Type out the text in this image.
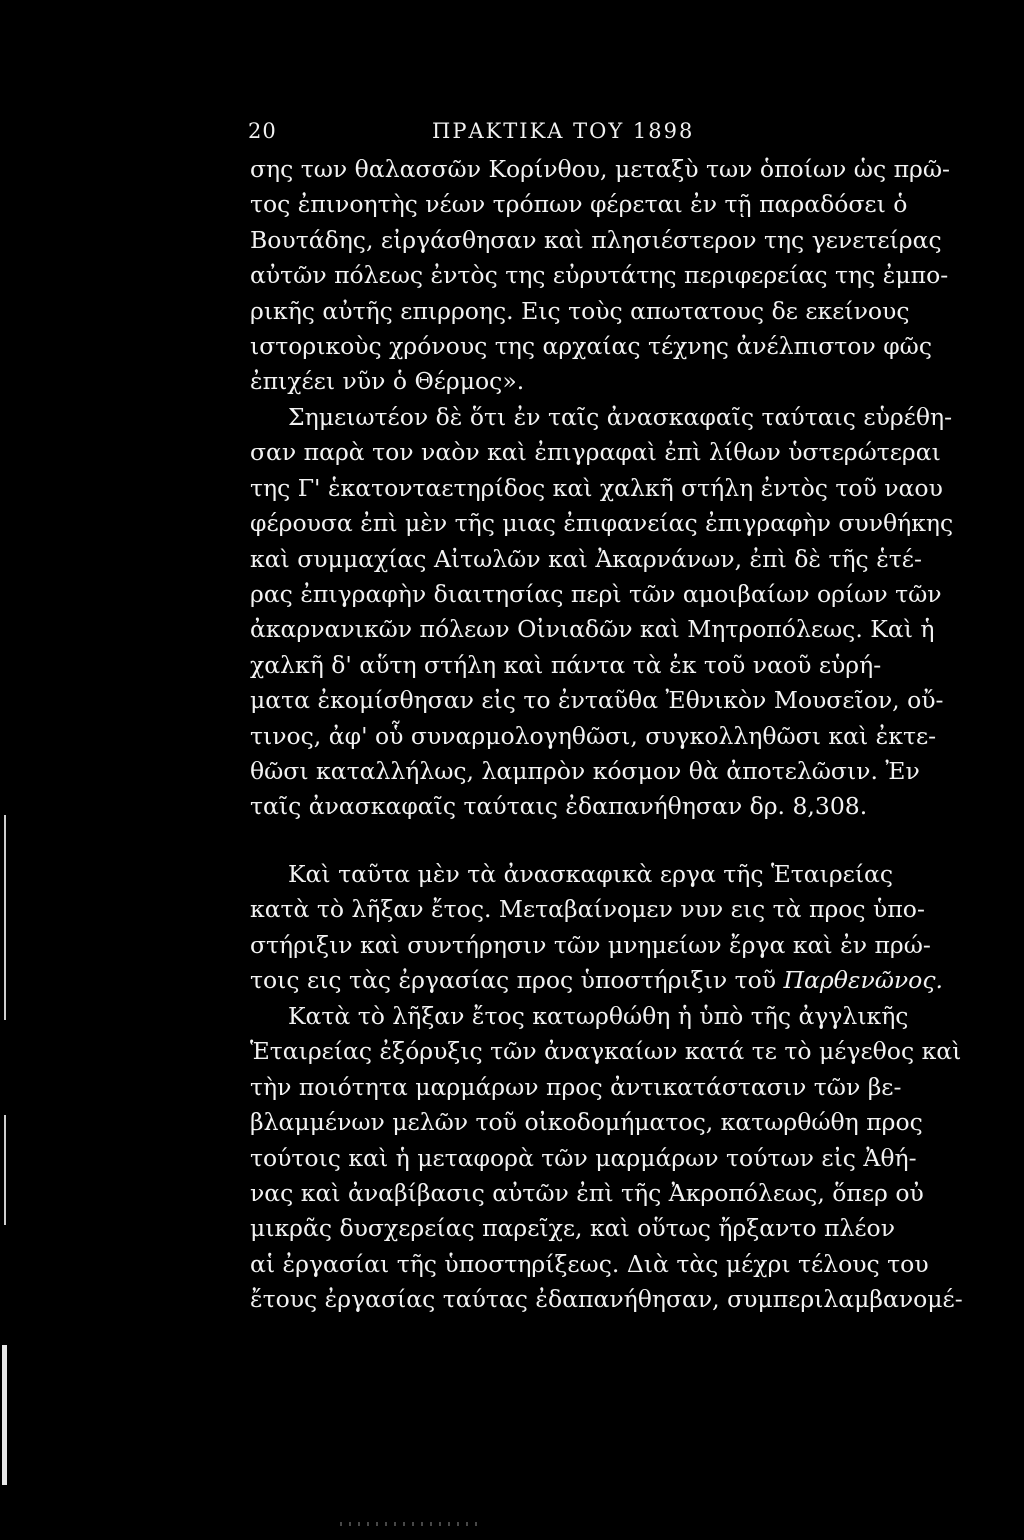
20	ΠΡΑΚΤΙΚΑ ΤΟΥ 1898
σης των θαλασσῶν Κορίνθου, μεταξὺ των ὁποίων ὡς πρῶ-
τος ἐπινοητὴς νέων τρόπων φέρεται ἐν τῇ παραδόσει ὁ
Βουτάδης, εἰργάσθησαν καὶ πλησιέστερον της γενετείρας
αὐτῶν πόλεως ἐντὸς της εὐρυτάτης περιφερείας της ἐμπο-
ρικῆς αὐτῆς επιρροης. Εις τοὺς απωτατους δε εκείνους
ιστορικοὺς χρόνους της αρχαίας τέχνης ἀνέλπιστον φῶς
ἐπιχέει νῦν ὁ Θέρμος».
Σημειωτέον δὲ ὅτι ἐν ταῖς ἀνασκαφαῖς ταύταις εὑρέθη-
σαν παρὰ τον ναὸν καὶ ἐπιγραφαὶ ἐπὶ λίθων ὑστερώτεραι
της Γ' ἑκατονταετηρίδος καὶ χαλκῆ στήλη ἐντὸς τοῦ ναου
φέρουσα ἐπὶ μὲν τῆς μιας ἐπιφανείας ἐπιγραφὴν συνθήκης
καὶ συμμαχίας Αἰτωλῶν καὶ Ἀκαρνάνων, ἐπὶ δὲ τῆς ἑτέ-
ρας ἐπιγραφὴν διαιτησίας περὶ τῶν αμοιβαίων ορίων τῶν
ἀκαρνανικῶν πόλεων Οἰνιαδῶν καὶ Μητροπόλεως. Καὶ ἡ
χαλκῆ δ' αὕτη στήλη καὶ πάντα τὰ ἐκ τοῦ ναοῦ εὑρή-
ματα ἐκομίσθησαν εἰς το ἐνταῦθα Ἐθνικὸν Μουσεῖον, οὔ-
τινος, ἀφ' οὗ συναρμολογηθῶσι, συγκολληθῶσι καὶ ἐκτε-
θῶσι καταλλήλως, λαμπρὸν κόσμον θὰ ἀποτελῶσιν. Ἐν
ταῖς ἀνασκαφαῖς ταύταις ἐδαπανήθησαν δρ. 8,308.
Καὶ ταῦτα μὲν τὰ ἀνασκαφικὰ εργα τῆς Ἑταιρείας
κατὰ τὸ λῆξαν ἔτος. Μεταβαίνομεν νυν εις τὰ προς ὑπο-
στήριξιν καὶ συντήρησιν τῶν μνημείων ἔργα καὶ ἐν πρώ-
τοις εις τὰς ἐργασίας προς ὑποστήριξιν τοῦ Παρθενῶνος.
Κατὰ τὸ λῆξαν ἔτος κατωρθώθη ἡ ὑπὸ τῆς ἀγγλικῆς
Ἑταιρείας ἐξόρυξις τῶν ἀναγκαίων κατά τε τὸ μέγεθος καὶ
τὴν ποιότητα μαρμάρων προς ἀντικατάστασιν τῶν βε-
βλαμμένων μελῶν τοῦ οἰκοδομήματος, κατωρθώθη προς
τούτοις καὶ ἡ μεταφορὰ τῶν μαρμάρων τούτων εἰς Ἀθή-
νας καὶ ἀναβίβασις αὐτῶν ἐπὶ τῆς Ἀκροπόλεως, ὅπερ οὐ
μικρᾶς δυσχερείας παρεῖχε, καὶ οὕτως ἤρξαντο πλέον
αἱ ἐργασίαι τῆς ὑποστηρίξεως. Διὰ τὰς μέχρι τέλους του
ἔτους ἐργασίας ταύτας ἐδαπανήθησαν, συμπεριλαμβανομέ-
